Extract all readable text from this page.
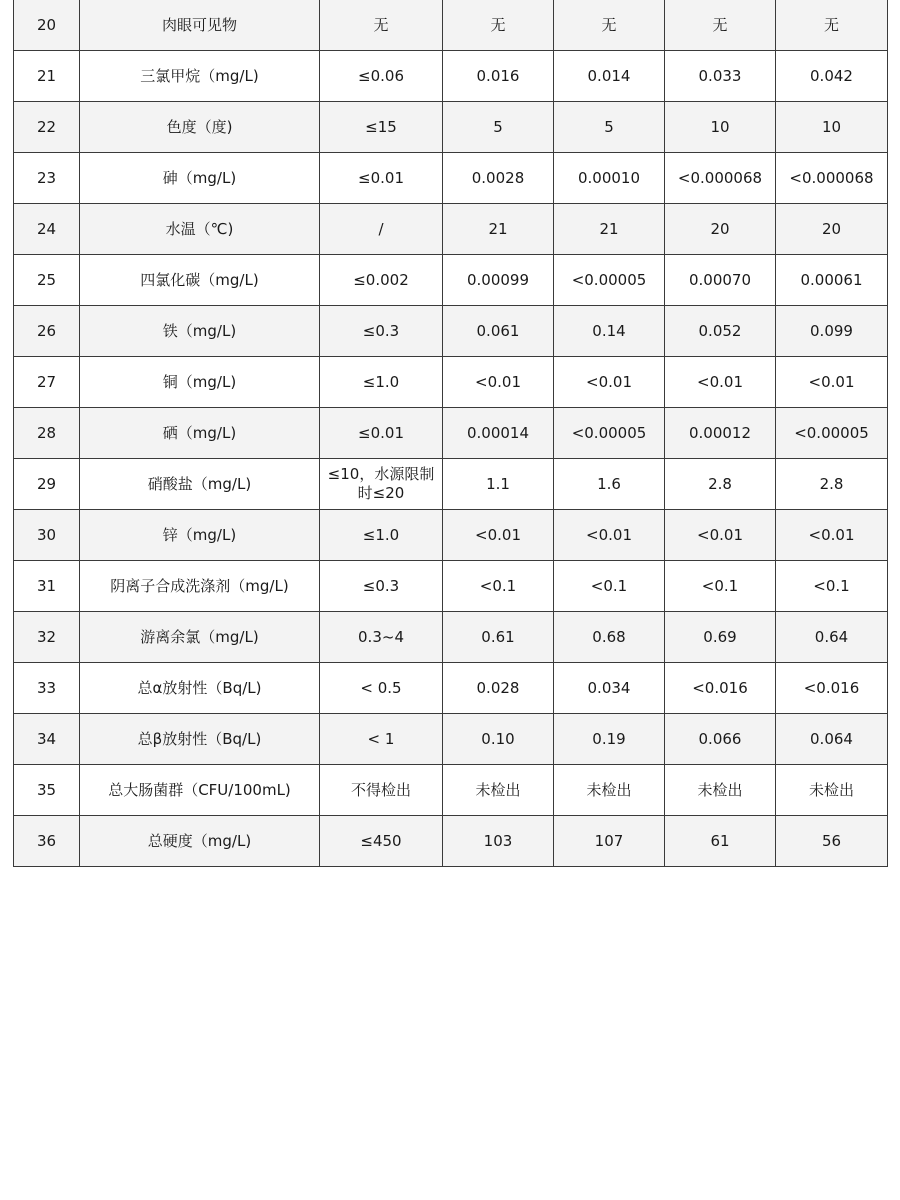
20	肉眼可见物	无	无	无	无	无
21	三氯甲烷（mg/L)	≤0.06	0.016	0.014	0.033	0.042
22	色度（度)	≤15	5	5	10	10
23	砷（mg/L)	≤0.01	0.0028	0.00010	<0.000068	<0.000068
24	水温（℃)	/	21	21	20	20
25	四氯化碳（mg/L)	≤0.002	0.00099	<0.00005	0.00070	0.00061
26	铁（mg/L)	≤0.3	0.061	0.14	0.052	0.099
27	铜（mg/L)	≤1.0	<0.01	<0.01	<0.01	<0.01
28	硒（mg/L)	≤0.01	0.00014	<0.00005	0.00012	<0.00005
29	硝酸盐（mg/L)	≤10，水源限制时≤20	1.1	1.6	2.8	2.8
30	锌（mg/L)	≤1.0	<0.01	<0.01	<0.01	<0.01
31	阴离子合成洗涤剂（mg/L)	≤0.3	<0.1	<0.1	<0.1	<0.1
32	游离余氯（mg/L)	0.3~4	0.61	0.68	0.69	0.64
33	总α放射性（Bq/L)	< 0.5	0.028	0.034	<0.016	<0.016
34	总β放射性（Bq/L)	< 1	0.10	0.19	0.066	0.064
35	总大肠菌群（CFU/100mL)	不得检出	未检出	未检出	未检出	未检出
36	总硬度（mg/L)	≤450	103	107	61	56
